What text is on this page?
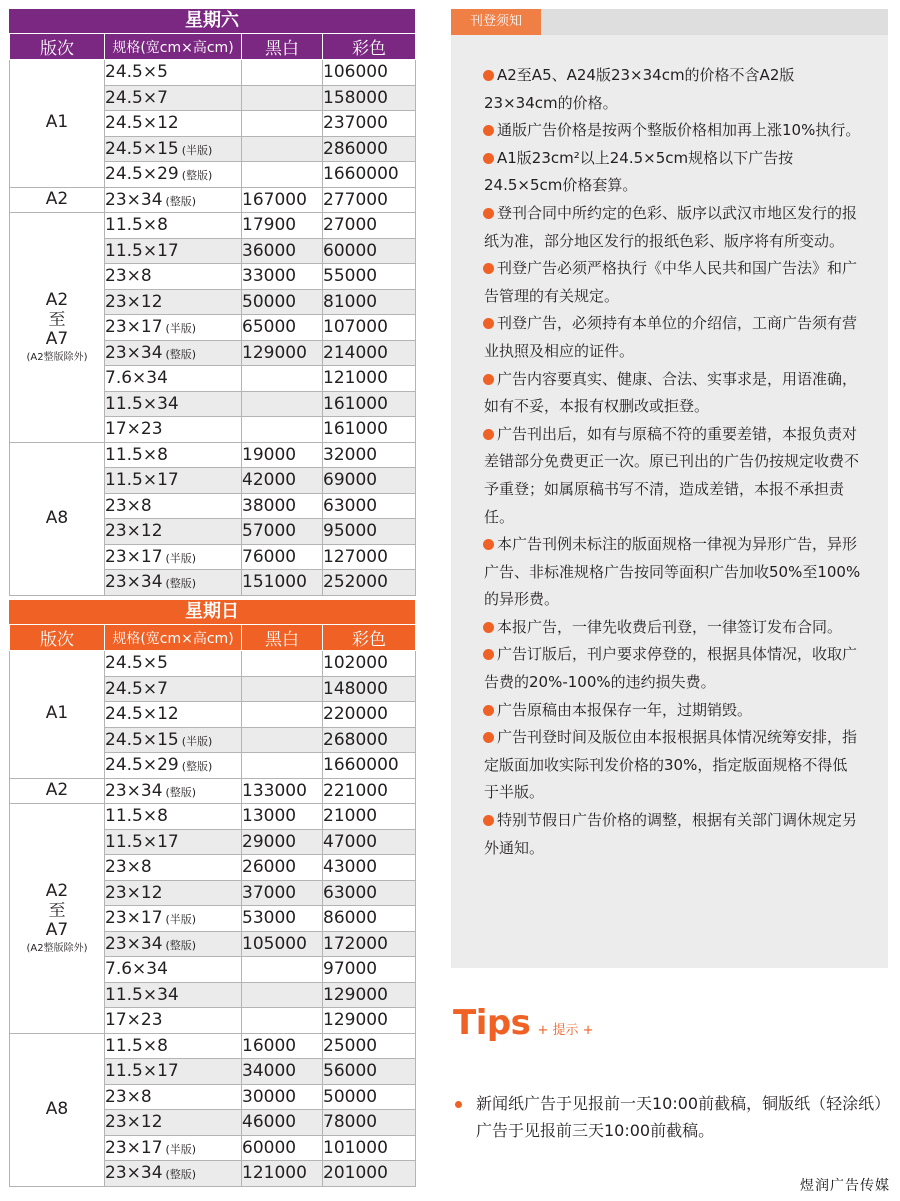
星期六
版次	规格(宽cm×高cm)	黑白	彩色
A1	24.5×5		106000
	24.5×7		158000
	24.5×12		237000
	24.5×15 (半版)		286000
	24.5×29 (整版)		1660000
A2	23×34 (整版)	167000	277000
A2
至
A7
(A2整版除外)	11.5×8	17900	27000
	11.5×17	36000	60000
	23×8	33000	55000
	23×12	50000	81000
	23×17 (半版)	65000	107000
	23×34 (整版)	129000	214000
	7.6×34		121000
	11.5×34		161000
	17×23		161000
A8	11.5×8	19000	32000
	11.5×17	42000	69000
	23×8	38000	63000
	23×12	57000	95000
	23×17 (半版)	76000	127000
	23×34 (整版)	151000	252000
星期日
版次	规格(宽cm×高cm)	黑白	彩色
A1	24.5×5		102000
	24.5×7		148000
	24.5×12		220000
	24.5×15 (半版)		268000
	24.5×29 (整版)		1660000
A2	23×34 (整版)	133000	221000
A2
至
A7
(A2整版除外)	11.5×8	13000	21000
	11.5×17	29000	47000
	23×8	26000	43000
	23×12	37000	63000
	23×17 (半版)	53000	86000
	23×34 (整版)	105000	172000
	7.6×34		97000
	11.5×34		129000
	17×23		129000
A8	11.5×8	16000	25000
	11.5×17	34000	56000
	23×8	30000	50000
	23×12	46000	78000
	23×17 (半版)	60000	101000
	23×34 (整版)	121000	201000
刊登须知
A2至A5、A24版23×34cm的价格不含A2版23×34cm的价格。
通版广告价格是按两个整版价格相加再上涨10%执行。
A1版23cm²以上24.5×5cm规格以下广告按24.5×5cm价格套算。
登刊合同中所约定的色彩、版序以武汉市地区发行的报纸为准，部分地区发行的报纸色彩、版序将有所变动。
刊登广告必须严格执行《中华人民共和国广告法》和广告管理的有关规定。
刊登广告，必须持有本单位的介绍信，工商广告须有营业执照及相应的证件。
广告内容要真实、健康、合法、实事求是，用语准确，如有不妥，本报有权删改或拒登。
广告刊出后，如有与原稿不符的重要差错，本报负责对差错部分免费更正一次。原已刊出的广告仍按规定收费不予重登；如属原稿书写不清，造成差错，本报不承担责任。
本广告刊例未标注的版面规格一律视为异形广告，异形广告、非标准规格广告按同等面积广告加收50%至100%的异形费。
本报广告，一律先收费后刊登，一律签订发布合同。
广告订版后，刊户要求停登的，根据具体情况，收取广告费的20%-100%的违约损失费。
广告原稿由本报保存一年，过期销毁。
广告刊登时间及版位由本报根据具体情况统筹安排，指定版面加收实际刊发价格的30%，指定版面规格不得低于半版。
特别节假日广告价格的调整，根据有关部门调休规定另外通知。
Tips + 提示 +
新闻纸广告于见报前一天10:00前截稿，铜版纸（轻涂纸）广告于见报前三天10:00前截稿。
煜润广告传媒
